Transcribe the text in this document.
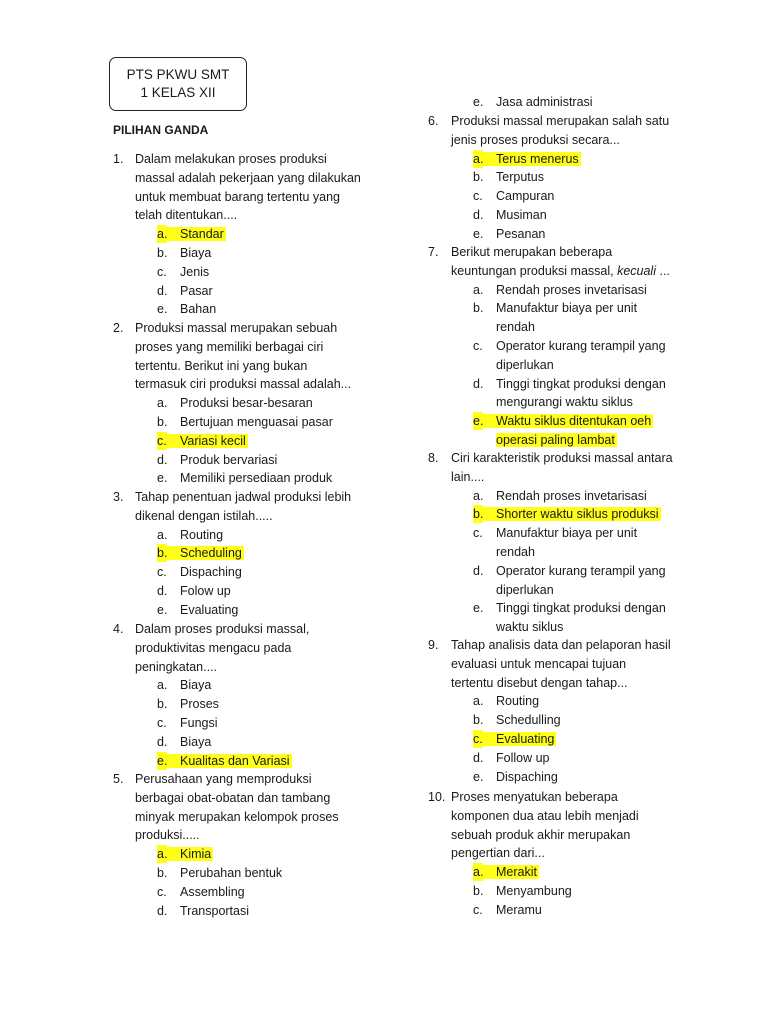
PTS PKWU SMT
1 KELAS XII
PILIHAN GANDA
1. Dalam melakukan proses produksi
massal adalah pekerjaan yang dilakukan
untuk membuat barang tertentu yang
telah ditentukan....
a. Standar
b. Biaya
c. Jenis
d. Pasar
e. Bahan
2. Produksi massal merupakan sebuah
proses yang memiliki berbagai ciri
tertentu. Berikut ini yang bukan
termasuk ciri produksi massal adalah...
a. Produksi besar-besaran
b. Bertujuan menguasai pasar
c. Variasi kecil
d. Produk bervariasi
e. Memiliki persediaan produk
3. Tahap penentuan jadwal produksi lebih
dikenal dengan istilah.....
a. Routing
b. Scheduling
c. Dispaching
d. Folow up
e. Evaluating
4. Dalam proses produksi massal,
produktivitas mengacu pada
peningkatan....
a. Biaya
b. Proses
c. Fungsi
d. Biaya
e. Kualitas dan Variasi
5. Perusahaan yang memproduksi
berbagai obat-obatan dan tambang
minyak merupakan kelompok proses
produksi.....
a. Kimia
b. Perubahan bentuk
c. Assembling
d. Transportasi
e. Jasa administrasi
6. Produksi massal merupakan salah satu
jenis proses produksi secara...
a. Terus menerus
b. Terputus
c. Campuran
d. Musiman
e. Pesanan
7. Berikut merupakan beberapa
keuntungan produksi massal, kecuali ...
a. Rendah proses invetarisasi
b. Manufaktur biaya per unit
rendah
c. Operator kurang terampil yang
diperlukan
d. Tinggi tingkat produksi dengan
mengurangi waktu siklus
e. Waktu siklus ditentukan oeh
operasi paling lambat
8. Ciri karakteristik produksi massal antara
lain....
a. Rendah proses invetarisasi
b. Shorter waktu siklus produksi
c. Manufaktur biaya per unit
rendah
d. Operator kurang terampil yang
diperlukan
e. Tinggi tingkat produksi dengan
waktu siklus
9. Tahap analisis data dan pelaporan hasil
evaluasi untuk mencapai tujuan
tertentu disebut dengan tahap...
a. Routing
b. Schedulling
c. Evaluating
d. Follow up
e. Dispaching
10. Proses menyatukan beberapa
komponen dua atau lebih menjadi
sebuah produk akhir merupakan
pengertian dari...
a. Merakit
b. Menyambung
c. Meramu
